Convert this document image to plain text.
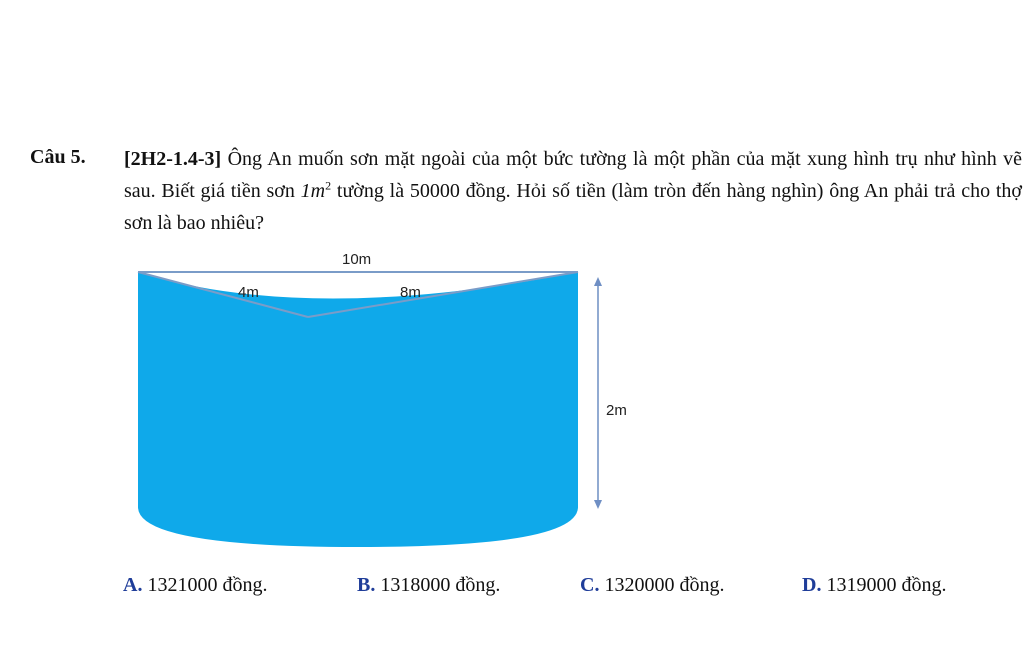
Câu 5. [2H2-1.4-3] Ông An muốn sơn mặt ngoài của một bức tường là một phần của mặt xung hình trụ như hình vẽ sau. Biết giá tiền sơn $1m^2$ tường là 50000 đồng. Hỏi số tiền (làm tròn đến hàng nghìn) ông An phải trả cho thợ sơn là bao nhiêu?
10m
4m	8m
2m
A. 1321000 đồng.	B. 1318000 đồng.	C. 1320000 đồng.	D. 1319000 đồng.
